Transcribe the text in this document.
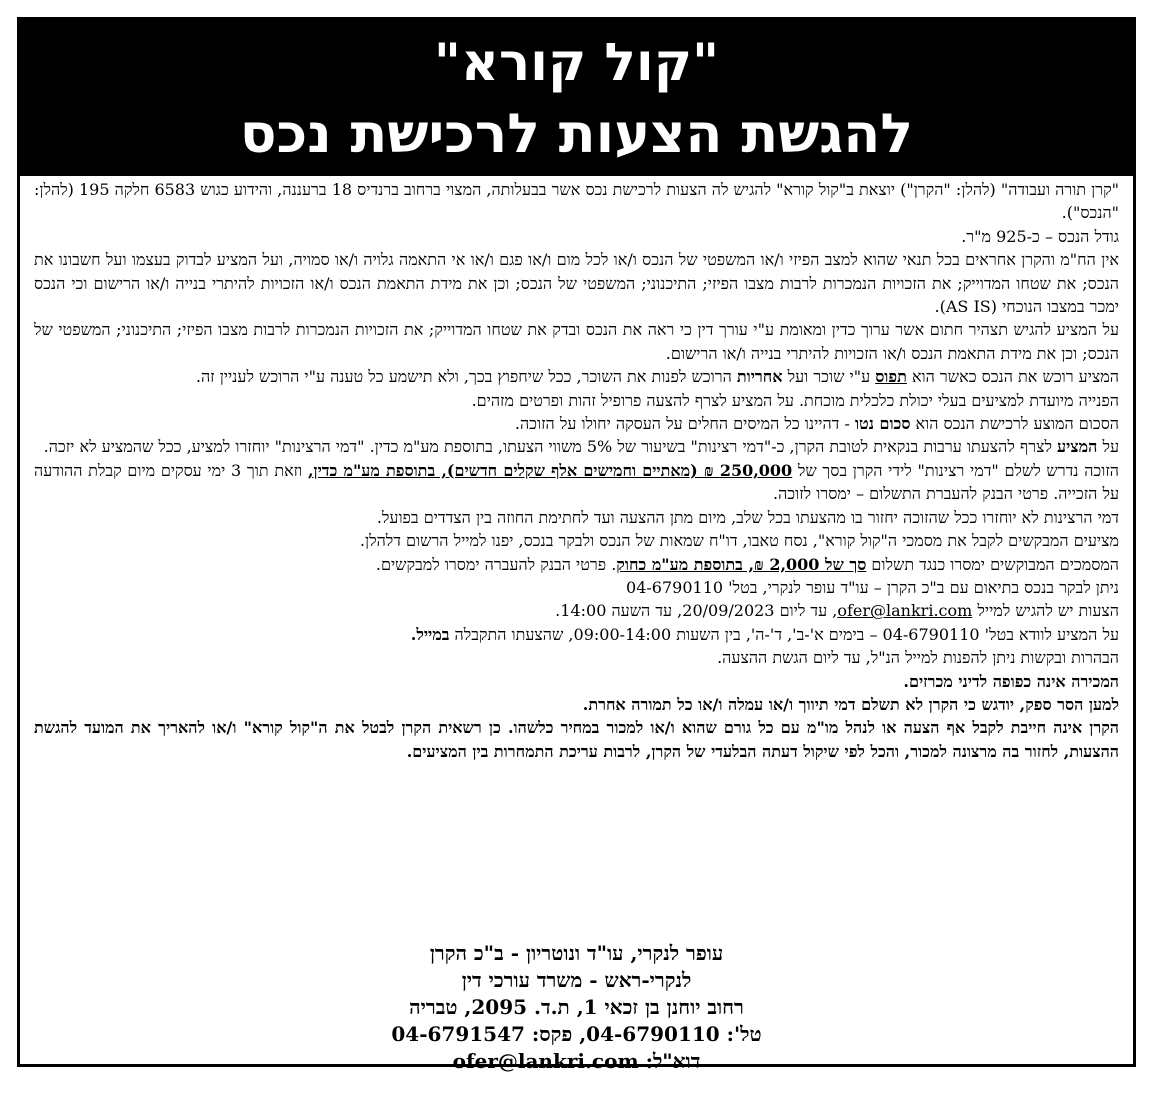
"קול קורא"
להגשת הצעות לרכישת נכס

"קרן תורה ועבודה" (להלן: "הקרן") יוצאת ב"קול קורא" להגיש לה הצעות לרכישת נכס אשר בבעלותה, המצוי ברחוב ברנדיס 18 ברעננה, והידוע כגוש 6583 חלקה 195 (להלן: "הנכס").

גודל הנכס – כ-925 מ"ר.

אין הח"מ והקרן אחראים בכל תנאי שהוא למצב הפיזי ו/או המשפטי של הנכס ו/או לכל מום ו/או פגם ו/או אי התאמה גלויה ו/או סמויה, ועל המציע לבדוק בעצמו ועל חשבונו את הנכס; את שטחו המדוייק; את הזכויות הנמכרות לרבות מצבו הפיזי; התיכנוני; המשפטי של הנכס; וכן את מידת התאמת הנכס ו/או הזכויות להיתרי בנייה ו/או הרישום וכי הנכס ימכר במצבו הנוכחי (AS IS).

על המציע להגיש תצהיר חתום אשר ערוך כדין ומאומת ע"י עורך דין כי ראה את הנכס ובדק את שטחו המדוייק; את הזכויות הנמכרות לרבות מצבו הפיזי; התיכנוני; המשפטי של הנכס; וכן את מידת התאמת הנכס ו/או הזכויות להיתרי בנייה ו/או הרישום.

המציע רוכש את הנכס כאשר הוא תפוס ע"י שוכר ועל אחריות הרוכש לפנות את השוכר, ככל שיחפוץ בכך, ולא תישמע כל טענה ע"י הרוכש לעניין זה.

הפנייה מיועדת למציעים בעלי יכולת כלכלית מוכחת. על המציע לצרף להצעה פרופיל זהות ופרטים מזהים.

הסכום המוצע לרכישת הנכס הוא סכום נטו - דהיינו כל המיסים החלים על העסקה יחולו על הזוכה.

על המציע לצרף להצעתו ערבות בנקאית לטובת הקרן, כ-"דמי רצינות" בשיעור של 5% משווי הצעתו, בתוספת מע"מ כדין. "דמי הרצינות" יוחזרו למציע, ככל שהמציע לא יזכה.

הזוכה נדרש לשלם "דמי רצינות" לידי הקרן בסך של 250,000 ₪ (מאתיים וחמישים אלף שקלים חדשים), בתוספת מע"מ כדין, וזאת תוך 3 ימי עסקים מיום קבלת ההודעה על הזכייה. פרטי הבנק להעברת התשלום – ימסרו לזוכה.

דמי הרצינות לא יוחזרו ככל שהזוכה יחזור בו מהצעתו בכל שלב, מיום מתן ההצעה ועד לחתימת החוזה בין הצדדים בפועל.

מציעים המבקשים לקבל את מסמכי ה"קול קורא", נסח טאבו, דו"ח שמאות של הנכס ולבקר בנכס, יפנו למייל הרשום דלהלן.

המסמכים המבוקשים ימסרו כנגד תשלום סך של 2,000 ₪, בתוספת מע"מ כחוק. פרטי הבנק להעברה ימסרו למבקשים.

ניתן לבקר בנכס בתיאום עם ב"כ הקרן – עו"ד עופר לנקרי, בטל' 04-6790110

הצעות יש להגיש למייל ofer@lankri.com, עד ליום 20/09/2023, עד השעה 14:00.

על המציע לוודא בטל' 04-6790110 – בימים א'-ב', ד'-ה', בין השעות 09:00-14:00, שהצעתו התקבלה במייל.

הבהרות ובקשות ניתן להפנות למייל הנ"ל, עד ליום הגשת ההצעה.

המכירה אינה כפופה לדיני מכרזים.

למען הסר ספק, יודגש כי הקרן לא תשלם דמי תיווך ו/או עמלה ו/או כל תמורה אחרת.

הקרן אינה חייבת לקבל אף הצעה או לנהל מו"מ עם כל גורם שהוא ו/או למכור במחיר כלשהו. כן רשאית הקרן לבטל את ה"קול קורא" ו/או להאריך את המועד להגשת ההצעות, לחזור בה מרצונה למכור, והכל לפי שיקול דעתה הבלעדי של הקרן, לרבות עריכת התמחרות בין המציעים.

עופר לנקרי, עו"ד ונוטריון - ב"כ הקרן
לנקרי-ראש - משרד עורכי דין
רחוב יוחנן בן זכאי 1, ת.ד. 2095, טבריה
טל': 04-6790110, פקס: 04-6791547
דוא"ל: ofer@lankri.com
